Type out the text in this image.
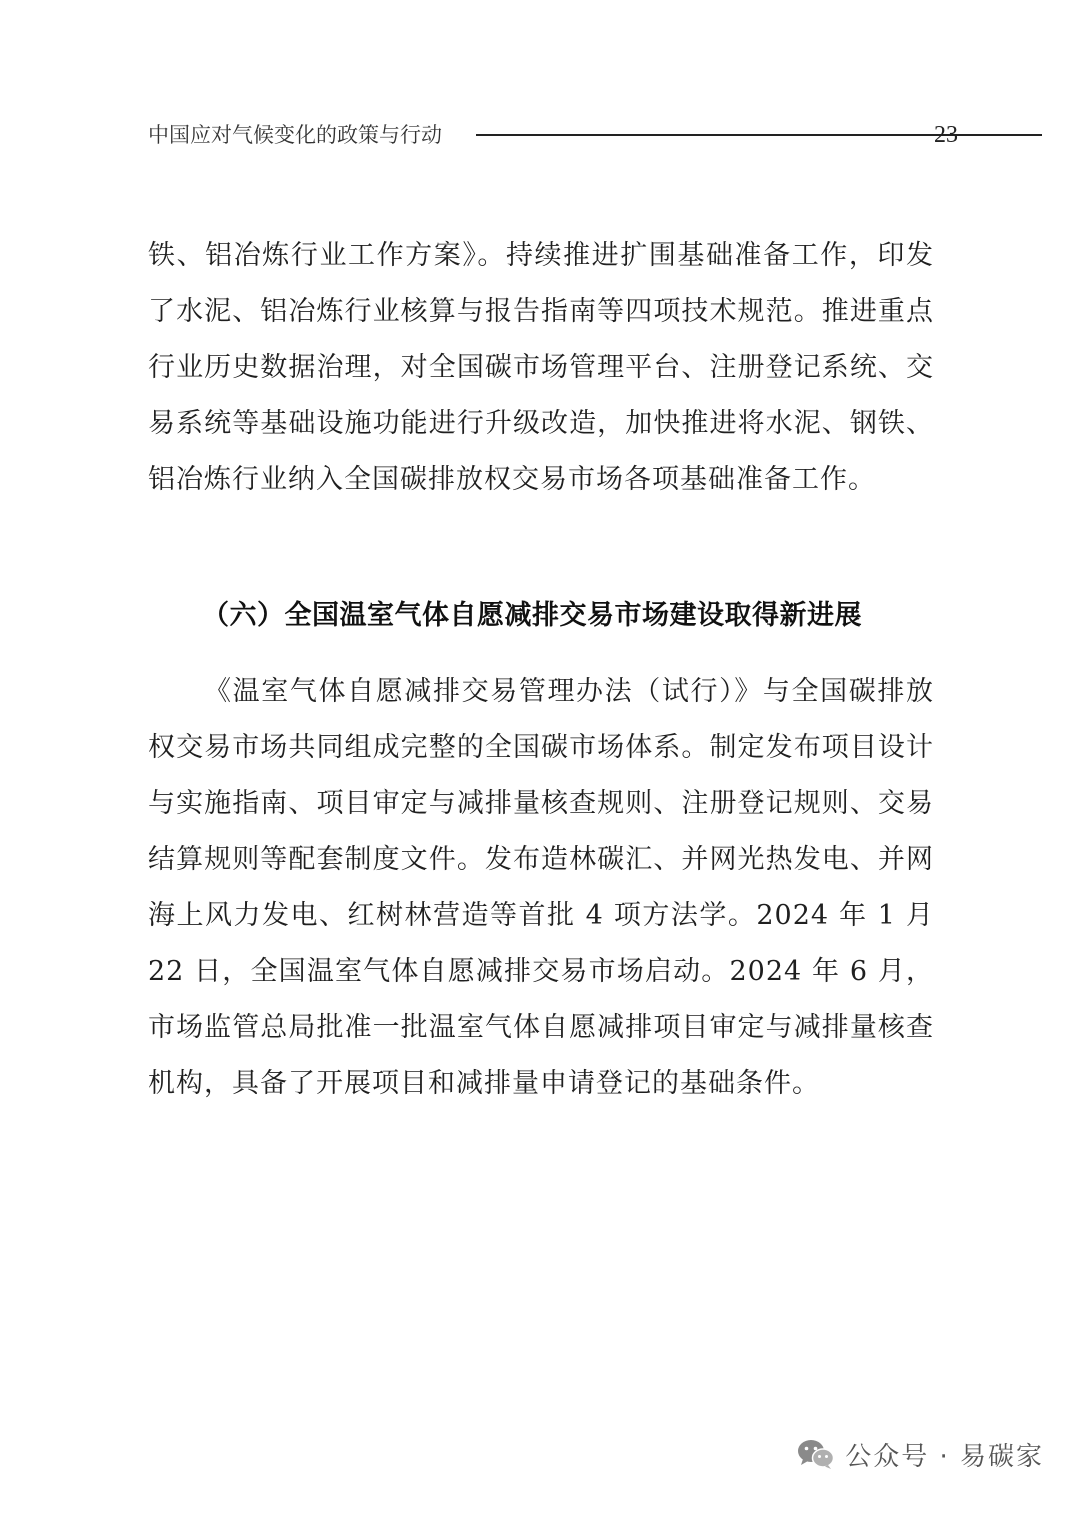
中国应对气候变化的政策与行动	23

铁、铝冶炼行业工作方案》。持续推进扩围基础准备工作，印发了水泥、铝冶炼行业核算与报告指南等四项技术规范。推进重点行业历史数据治理，对全国碳市场管理平台、注册登记系统、交易系统等基础设施功能进行升级改造，加快推进将水泥、钢铁、铝冶炼行业纳入全国碳排放权交易市场各项基础准备工作。

（六）全国温室气体自愿减排交易市场建设取得新进展

《温室气体自愿减排交易管理办法（试行）》与全国碳排放权交易市场共同组成完整的全国碳市场体系。制定发布项目设计与实施指南、项目审定与减排量核查规则、注册登记规则、交易结算规则等配套制度文件。发布造林碳汇、并网光热发电、并网海上风力发电、红树林营造等首批 4 项方法学。2024 年 1 月 22 日，全国温室气体自愿减排交易市场启动。2024 年 6 月，市场监管总局批准一批温室气体自愿减排项目审定与减排量核查机构，具备了开展项目和减排量申请登记的基础条件。

公众号 · 易碳家
